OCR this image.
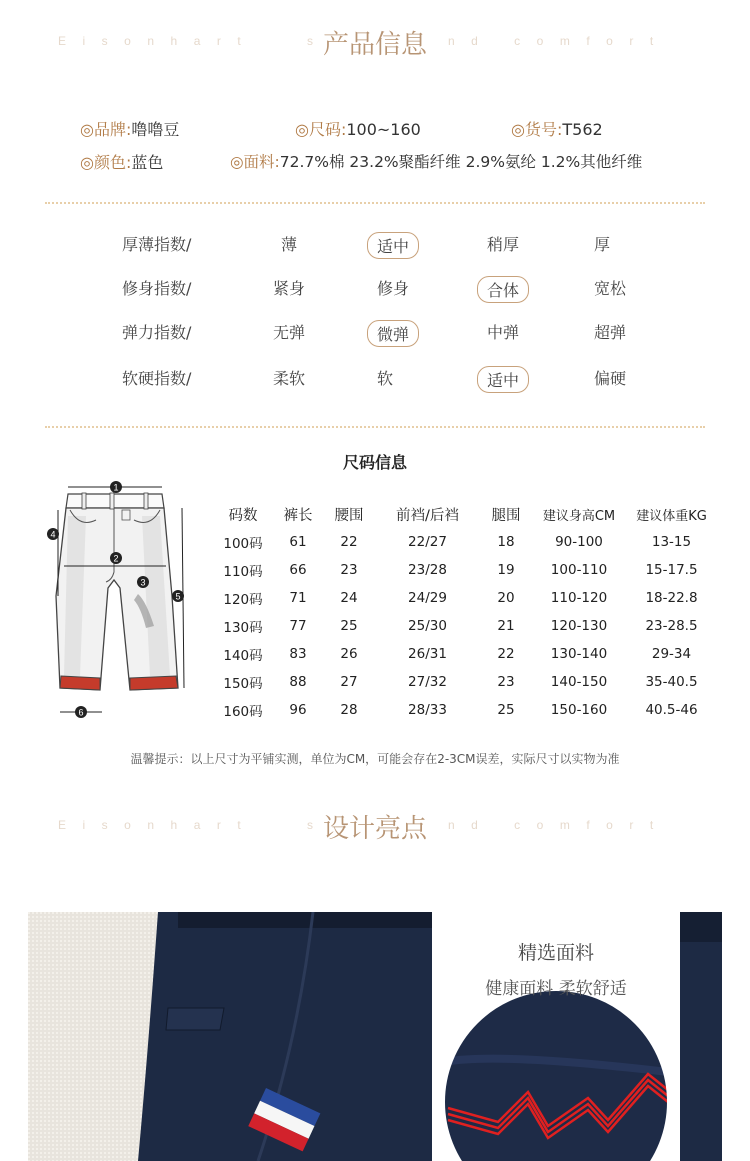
Eisonhart	s	nd comfort
产品信息
◎品牌:噜噜豆	◎尺码:100~160	◎货号:T562
◎颜色:蓝色	◎面料:72.7%棉 23.2%聚酯纤维 2.9%氨纶 1.2%其他纤维
厚薄指数/	薄	适中	稍厚	厚
修身指数/	紧身	修身	合体	宽松
弹力指数/	无弹	微弹	中弹	超弹
软硬指数/	柔软	软	适中	偏硬
尺码信息
1
2
3
4
5
6
码数	裤长	腰围	前裆/后裆	腿围	建议身高CM	建议体重KG
100码	61	22	22/27	18	90-100	13-15
110码	66	23	23/28	19	100-110	15-17.5
120码	71	24	24/29	20	110-120	18-22.8
130码	77	25	25/30	21	120-130	23-28.5
140码	83	26	26/31	22	130-140	29-34
150码	88	27	27/32	23	140-150	35-40.5
160码	96	28	28/33	25	150-160	40.5-46
温馨提示：以上尺寸为平铺实测，单位为CM，可能会存在2-3CM误差，实际尺寸以实物为准
Eisonhart	s	nd comfort
设计亮点
精选面料
健康面料 柔软舒适
